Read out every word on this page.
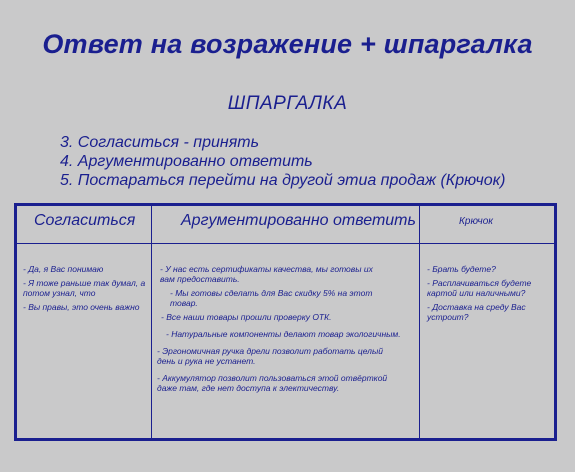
Ответ на возражение + шпаргалка
ШПАРГАЛКА
3. Согласиться - принять
4. Аргументированно ответить
5. Постараться перейти на другой этиа продаж (Крючок)
Согласиться	Аргументированно ответить	Крючок

- Да, я Вас понимаю

- Я тоже раньше так думал, а потом узнал, что

- Вы правы, это очень важно

- У нас есть сертификаты качества, мы готовы их вам предоставить.

- Мы готовы сделать для Вас скидку 5% на этот товар.

- Все наши товары прошли проверку ОТК.

- Натуральные компоненты делают товар экологичным.

- Эргономичная ручка дрели позволит работать целый день и рука не устанет.

- Аккумулятор позволит пользоваться этой отвёрткой даже там, где нет доступа к электичеству.

- Брать будете?

- Расплачиваться будете картой или наличными?

- Доставка на среду Вас устроит?
